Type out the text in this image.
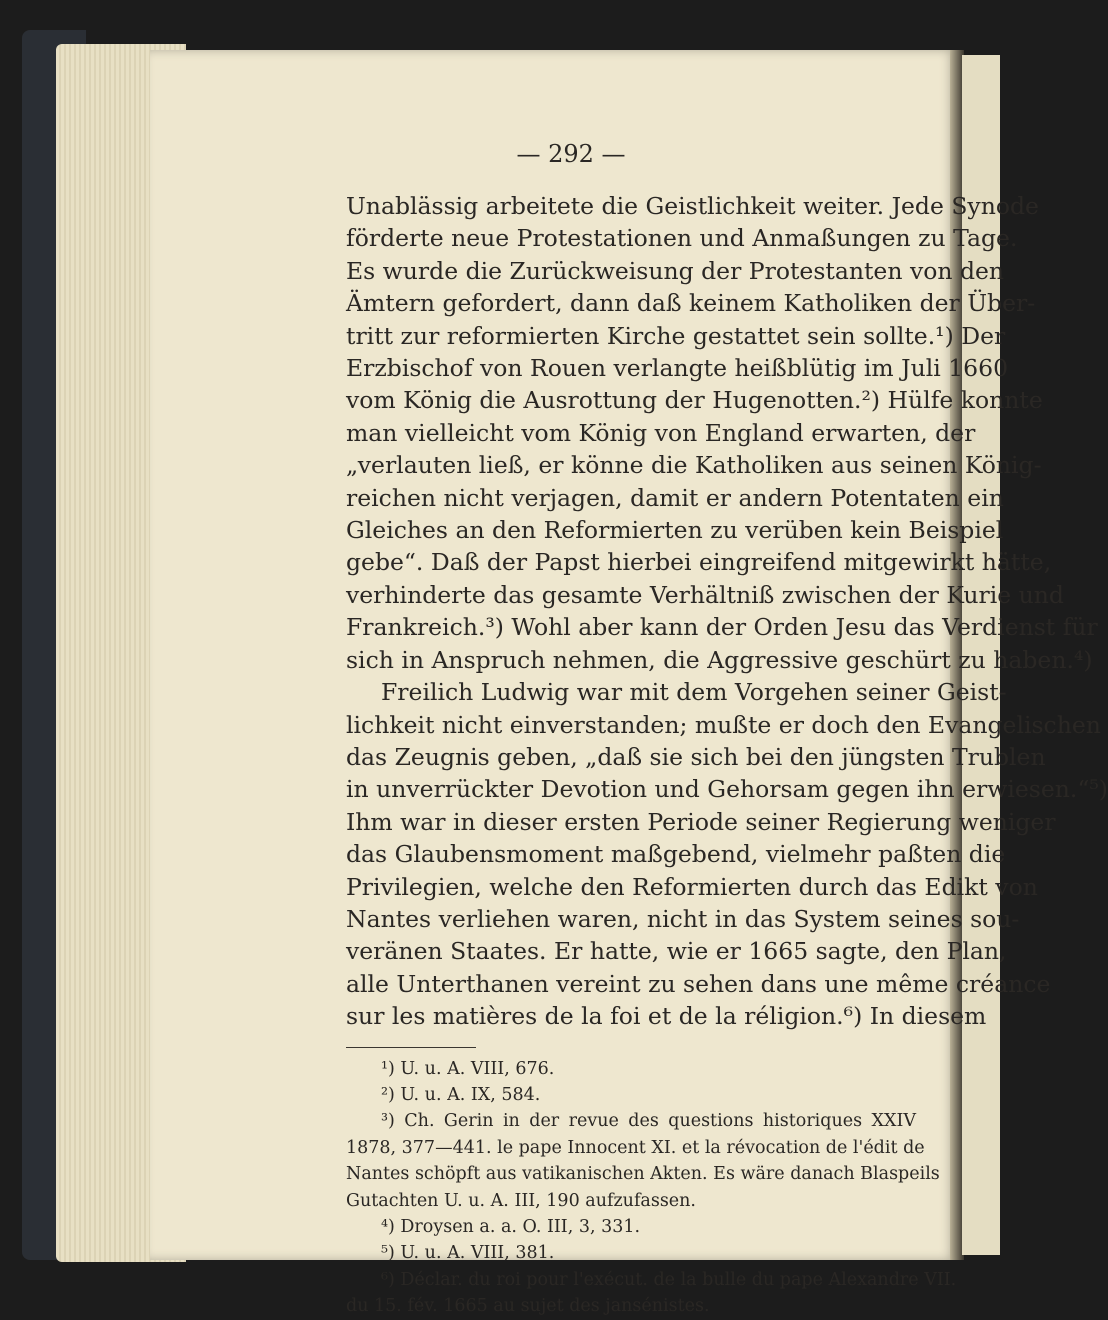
— 292 —
Unablässig arbeitete die Geistlichkeit weiter. Jede Synode
förderte neue Protestationen und Anmaßungen zu Tage.
Es wurde die Zurückweisung der Protestanten von den
Ämtern gefordert, dann daß keinem Katholiken der Über-
tritt zur reformierten Kirche gestattet sein sollte.¹) Der
Erzbischof von Rouen verlangte heißblütig im Juli 1660
vom König die Ausrottung der Hugenotten.²) Hülfe konnte
man vielleicht vom König von England erwarten, der
„verlauten ließ, er könne die Katholiken aus seinen König-
reichen nicht verjagen, damit er andern Potentaten ein
Gleiches an den Reformierten zu verüben kein Beispiel
gebe“. Daß der Papst hierbei eingreifend mitgewirkt hätte,
verhinderte das gesamte Verhältniß zwischen der Kurie und
Frankreich.³) Wohl aber kann der Orden Jesu das Verdienst für
sich in Anspruch nehmen, die Aggressive geschürt zu haben.⁴)
Freilich Ludwig war mit dem Vorgehen seiner Geist-
lichkeit nicht einverstanden; mußte er doch den Evangelischen
das Zeugnis geben, „daß sie sich bei den jüngsten Trublen
in unverrückter Devotion und Gehorsam gegen ihn erwiesen.“⁵)
Ihm war in dieser ersten Periode seiner Regierung weniger
das Glaubensmoment maßgebend, vielmehr paßten die
Privilegien, welche den Reformierten durch das Edikt von
Nantes verliehen waren, nicht in das System seines sou-
veränen Staates. Er hatte, wie er 1665 sagte, den Plan,
alle Unterthanen vereint zu sehen dans une même créance
sur les matières de la foi et de la réligion.⁶) In diesem
¹) U. u. A. VIII, 676.
²) U. u. A. IX, 584.
³) Ch. Gerin in der revue des questions historiques XXIV
1878, 377—441. le pape Innocent XI. et la révocation de l'édit de
Nantes schöpft aus vatikanischen Akten. Es wäre danach Blaspeils
Gutachten U. u. A. III, 190 aufzufassen.
⁴) Droysen a. a. O. III, 3, 331.
⁵) U. u. A. VIII, 381.
⁶) Déclar. du roi pour l'exécut. de la bulle du pape Alexandre VII.
du 15. fév. 1665 au sujet des jansénistes.
